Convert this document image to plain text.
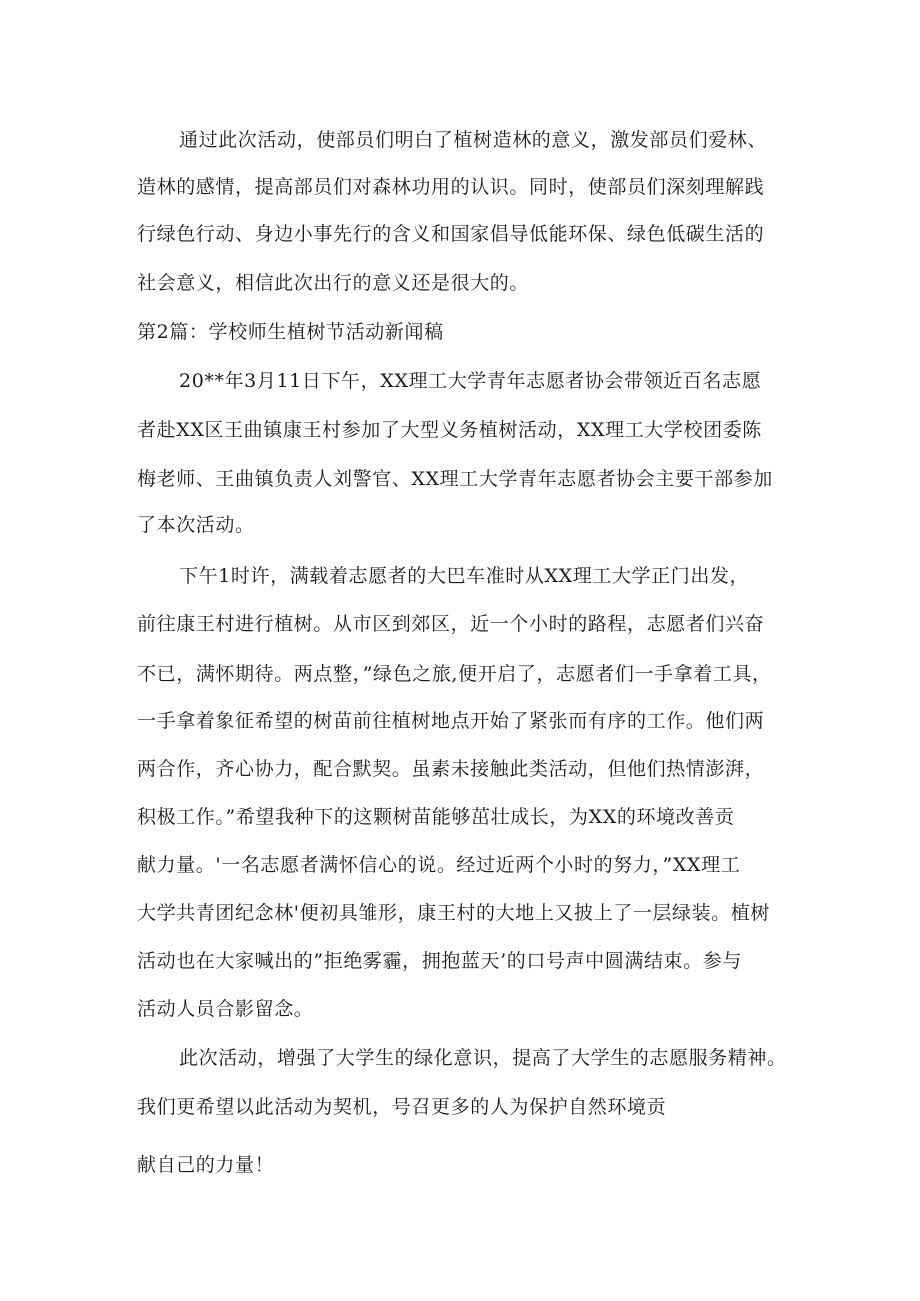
通过此次活动，使部员们明白了植树造林的意义，激发部员们爱林、
造林的感情，提高部员们对森林功用的认识。同时，使部员们深刻理解践
行绿色行动、身边小事先行的含义和国家倡导低能环保、绿色低碳生活的
社会意义，相信此次出行的意义还是很大的。
第2篇：学校师生植树节活动新闻稿
20**年3月11日下午，XX理工大学青年志愿者协会带领近百名志愿
者赴XX区王曲镇康王村参加了大型义务植树活动，XX理工大学校团委陈
梅老师、王曲镇负责人刘警官、XX理工大学青年志愿者协会主要干部参加
了本次活动。
下午1时许，满载着志愿者的大巴车准时从XX理工大学正门出发，
前往康王村进行植树。从市区到郊区，近一个小时的路程，志愿者们兴奋
不已，满怀期待。两点整，”绿色之旅,便开启了，志愿者们一手拿着工具，
一手拿着象征希望的树苗前往植树地点开始了紧张而有序的工作。他们两
两合作，齐心协力，配合默契。虽素未接触此类活动，但他们热情澎湃，
积极工作。”希望我种下的这颗树苗能够茁壮成长，为XX的环境改善贡
献力量。'一名志愿者满怀信心的说。经过近两个小时的努力，”XX理工
大学共青团纪念林'便初具雏形，康王村的大地上又披上了一层绿装。植树
活动也在大家喊出的”拒绝雾霾，拥抱蓝天’的口号声中圆满结束。参与
活动人员合影留念。
此次活动，增强了大学生的绿化意识，提高了大学生的志愿服务精神。
我们更希望以此活动为契机，号召更多的人为保护自然环境贡
献自己的力量！
